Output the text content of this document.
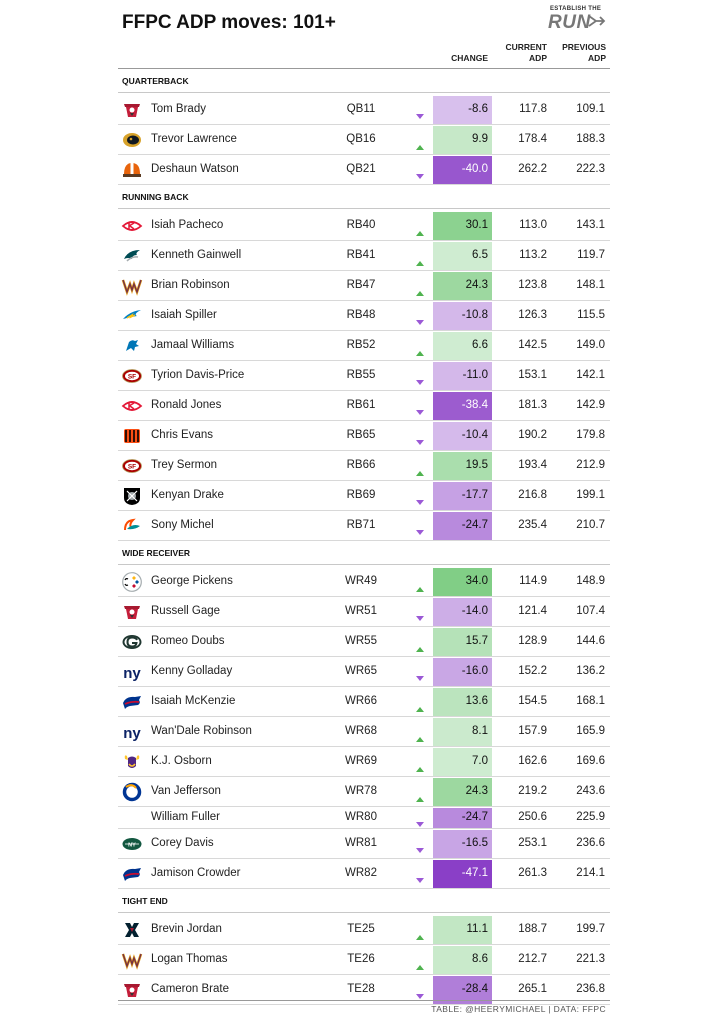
FFPC ADP moves: 101+
ESTABLISH THE
RUN
CHANGE
CURRENT
ADP
PREVIOUS
ADP
QUARTERBACK
Tom Brady	QB11	-8.6	117.8	109.1
Trevor Lawrence	QB16	9.9	178.4	188.3
Deshaun Watson	QB21	-40.0	262.2	222.3
RUNNING BACK
Isiah Pacheco	RB40	30.1	113.0	143.1
Kenneth Gainwell	RB41	6.5	113.2	119.7
Brian Robinson	RB47	24.3	123.8	148.1
Isaiah Spiller	RB48	-10.8	126.3	115.5
Jamaal Williams	RB52	6.6	142.5	149.0
SF Tyrion Davis-Price	RB55	-11.0	153.1	142.1
Ronald Jones	RB61	-38.4	181.3	142.9
Chris Evans	RB65	-10.4	190.2	179.8
SF Trey Sermon	RB66	19.5	193.4	212.9
Kenyan Drake	RB69	-17.7	216.8	199.1
Sony Michel	RB71	-24.7	235.4	210.7
WIDE RECEIVER
George Pickens	WR49	34.0	114.9	148.9
Russell Gage	WR51	-14.0	121.4	107.4
Romeo Doubs	WR55	15.7	128.9	144.6
ny Kenny Golladay	WR65	-16.0	152.2	136.2
Isaiah McKenzie	WR66	13.6	154.5	168.1
ny Wan'Dale Robinson	WR68	8.1	157.9	165.9
K.J. Osborn	WR69	7.0	162.6	169.6
Van Jefferson	WR78	24.3	219.2	243.6
William Fuller	WR80	-24.7	250.6	225.9
NY Corey Davis	WR81	-16.5	253.1	236.6
Jamison Crowder	WR82	-47.1	261.3	214.1
TIGHT END
Brevin Jordan	TE25	11.1	188.7	199.7
Logan Thomas	TE26	8.6	212.7	221.3
Cameron Brate	TE28	-28.4	265.1	236.8
TABLE: @HEERYMICHAEL | DATA: FFPC
